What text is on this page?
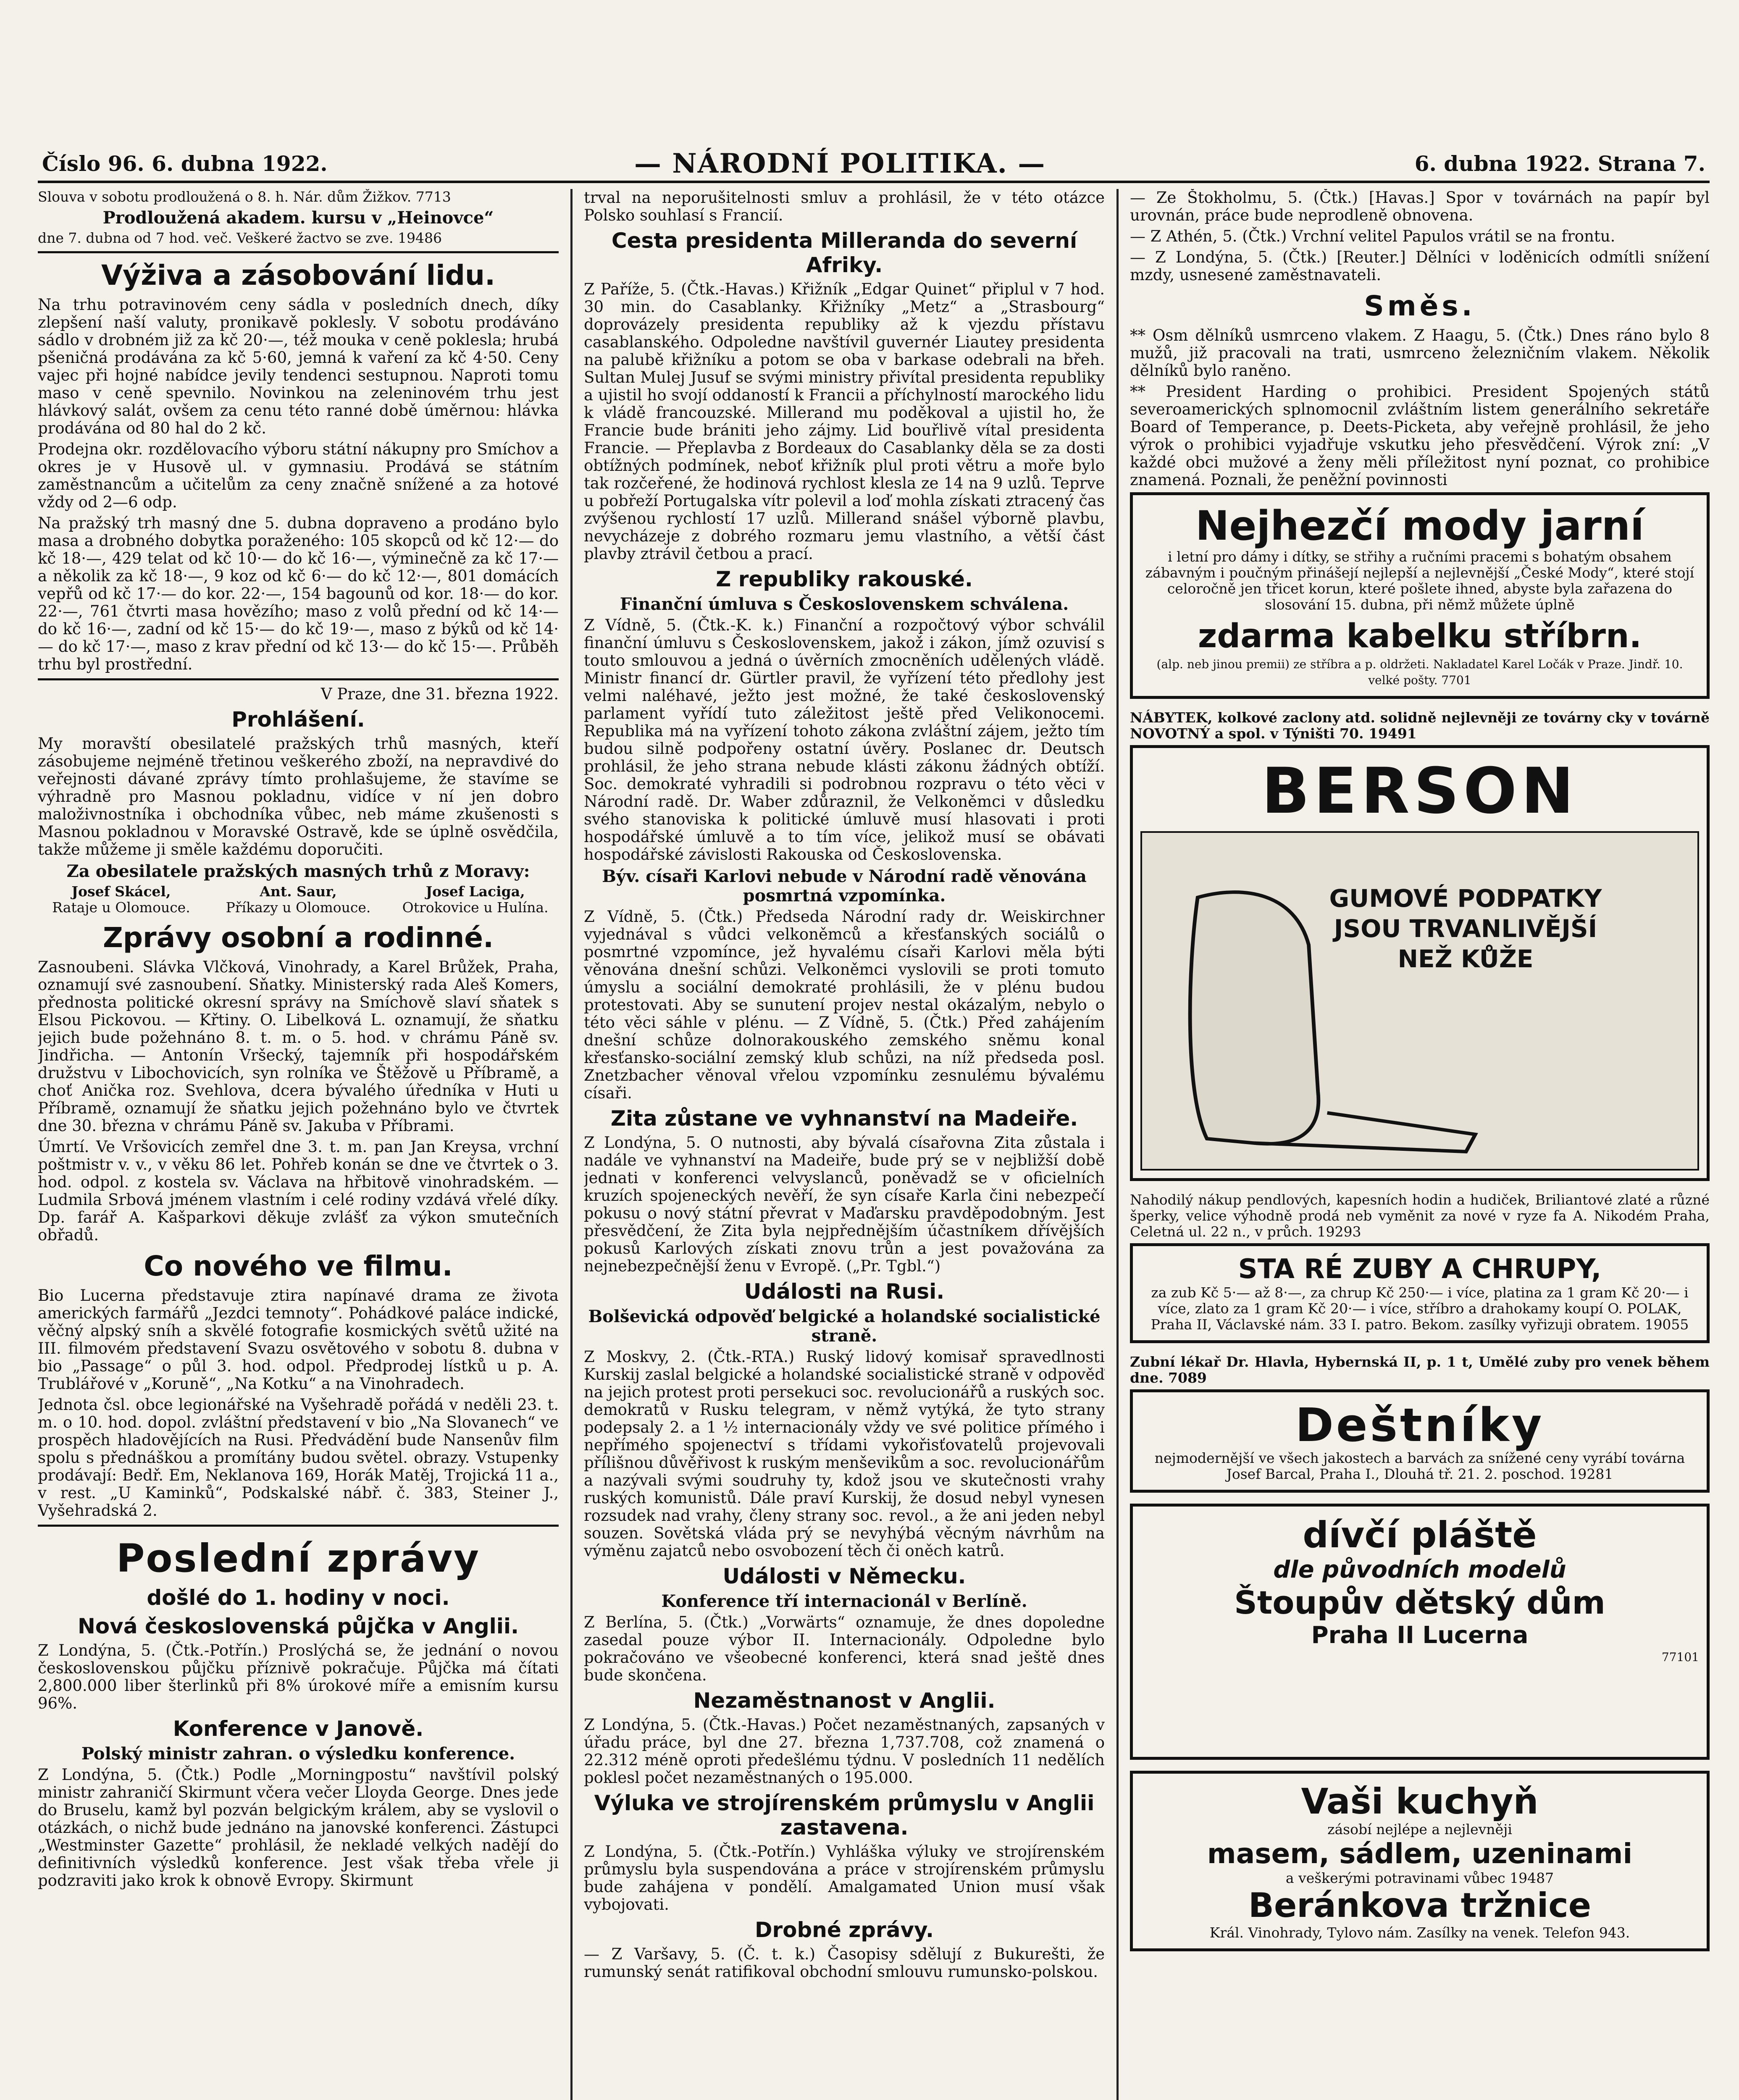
Číslo 96. 6. dubna 1922.	— NÁRODNÍ POLITIKA. —	6. dubna 1922. Strana 7.

Slouva v sobotu prodloužená o 8. h. Nár. dům Žižkov. 7713

Prodloužená akadem. kursu v „Heinovce“

dne 7. dubna od 7 hod. več. Veškeré žactvo se zve. 19486

Výživa a zásobování lidu.

Na trhu potravinovém ceny sádla v posledních dnech, díky zlepšení naší valuty, pronikavě poklesly. V sobotu prodáváno sádlo v drobném již za kč 20·—, též mouka v ceně poklesla; hrubá pšeničná prodávána za kč 5·60, jemná k vaření za kč 4·50. Ceny vajec při hojné nabídce jevily tendenci sestupnou. Naproti tomu maso v ceně spevnilo. Novinkou na zeleninovém trhu jest hlávkový salát, ovšem za cenu této ranné době úměrnou: hlávka prodávána od 80 hal do 2 kč.

Prodejna okr. rozdělovacího výboru státní nákupny pro Smíchov a okres je v Husově ul. v gymnasiu. Prodává se státním zaměstnancům a učitelům za ceny značně snížené a za hotové vždy od 2—6 odp.

Na pražský trh masný dne 5. dubna dopraveno a prodáno bylo masa a drobného dobytka poraženého: 105 skopců od kč 12·— do kč 18·—, 429 telat od kč 10·— do kč 16·—, výminečně za kč 17·— a několik za kč 18·—, 9 koz od kč 6·— do kč 12·—, 801 domácích vepřů od kč 17·— do kor. 22·—, 154 bagounů od kor. 18·— do kor. 22·—, 761 čtvrti masa hovězího; maso z volů přední od kč 14·— do kč 16·—, zadní od kč 15·— do kč 19·—, maso z býků od kč 14·— do kč 17·—, maso z krav přední od kč 13·— do kč 15·—. Průběh trhu byl prostřední.

V Praze, dne 31. března 1922.

Prohlášení.

My moravští obesilatelé pražských trhů masných, kteří zásobujeme nejméně třetinou veškerého zboží, na nepravdivé do veřejnosti dávané zprávy tímto prohlašujeme, že stavíme se výhradně pro Masnou pokladnu, vidíce v ní jen dobro maloživnostníka i obchodníka vůbec, neb máme zkušenosti s Masnou pokladnou v Moravské Ostravě, kde se úplně osvědčila, takže můžeme ji směle každému doporučiti.

Za obesilatele pražských masných trhů z Moravy:

Josef Skácel,
Rataje u Olomouce.
Ant. Saur,
Příkazy u Olomouce.
Josef Laciga,
Otrokovice u Hulína.
Zprávy osobní a rodinné.

Zasnoubeni. Slávka Vlčková, Vinohrady, a Karel Brůžek, Praha, oznamují své zasnoubení. Sňatky. Ministerský rada Aleš Komers, přednosta politické okresní správy na Smíchově slaví sňatek s Elsou Pickovou. — Křtiny. O. Libelková L. oznamují, že sňatku jejich bude požehnáno 8. t. m. o 5. hod. v chrámu Páně sv. Jindřicha. — Antonín Vršecký, tajemník při hospodářském družstvu v Libochovicích, syn rolníka ve Štěžově u Příbramě, a choť Anička roz. Svehlova, dcera bývalého úředníka v Huti u Příbramě, oznamují že sňatku jejich požehnáno bylo ve čtvrtek dne 30. března v chrámu Páně sv. Jakuba v Příbrami.

Úmrtí. Ve Vršovicích zemřel dne 3. t. m. pan Jan Kreysa, vrchní poštmistr v. v., v věku 86 let. Pohřeb konán se dne ve čtvrtek o 3. hod. odpol. z kostela sv. Václava na hřbitově vinohradském. — Ludmila Srbová jménem vlastním i celé rodiny vzdává vřelé díky. Dp. farář A. Kašparkovi děkuje zvlášť za výkon smutečních obřadů.

Co nového ve filmu.

Bio Lucerna představuje ztira napínavé drama ze života amerických farmářů „Jezdci temnoty“. Pohádkové paláce indické, věčný alpský sníh a skvělé fotografie kosmických světů užité na III. filmovém představení Svazu osvětového v sobotu 8. dubna v bio „Passage“ o půl 3. hod. odpol. Předprodej lístků u p. A. Trublářové v „Koruně“, „Na Kotku“ a na Vinohradech.

Jednota čsl. obce legionářské na Vyšehradě pořádá v neděli 23. t. m. o 10. hod. dopol. zvláštní představení v bio „Na Slovanech“ ve prospěch hladovějících na Rusi. Předvádění bude Nansenův film spolu s přednáškou a promítány budou světel. obrazy. Vstupenky prodávají: Bedř. Em, Neklanova 169, Horák Matěj, Trojická 11 a., v rest. „U Kaminků“, Podskalské nábř. č. 383, Steiner J., Vyšehradská 2.

Poslední zprávy
došlé do 1. hodiny v noci.
Nová československá půjčka v Anglii.

Z Londýna, 5. (Čtk.-Potřín.) Proslýchá se, že jednání o novou československou půjčku příznivě pokračuje. Půjčka má čítati 2,800.000 liber šterlinků při 8% úrokové míře a emisním kursu 96%.

Konference v Janově.

Polský ministr zahran. o výsledku konference.

Z Londýna, 5. (Čtk.) Podle „Morningpostu“ navštívil polský ministr zahraničí Skirmunt včera večer Lloyda George. Dnes jede do Bruselu, kamž byl pozván belgickým králem, aby se vyslovil o otázkách, o nichž bude jednáno na janovské konferenci. Zástupci „Westminster Gazette“ prohlásil, že nekladé velkých nadějí do definitivních výsledků konference. Jest však třeba vřele ji podzraviti jako krok k obnově Evropy. Skirmunt

trval na neporušitelnosti smluv a prohlásil, že v této otázce Polsko souhlasí s Francií.

Cesta presidenta Milleranda do severní Afriky.

Z Paříže, 5. (Čtk.-Havas.) Křižník „Edgar Quinet“ připlul v 7 hod. 30 min. do Casablanky. Křižníky „Metz“ a „Strasbourg“ doprovázely presidenta republiky až k vjezdu přístavu casablanského. Odpoledne navštívil guvernér Liautey presidenta na palubě křižníku a potom se oba v barkase odebrali na břeh. Sultan Mulej Jusuf se svými ministry přivítal presidenta republiky a ujistil ho svojí oddaností k Francii a příchylností marockého lidu k vládě francouzské. Millerand mu poděkoval a ujistil ho, že Francie bude brániti jeho zájmy. Lid bouřlivě vítal presidenta Francie. — Přeplavba z Bordeaux do Casablanky děla se za dosti obtížných podmínek, neboť křižník plul proti větru a moře bylo tak rozčeřené, že hodinová rychlost klesla ze 14 na 9 uzlů. Teprve u pobřeží Portugalska vítr polevil a loď mohla získati ztracený čas zvýšenou rychlostí 17 uzlů. Millerand snášel výborně plavbu, nevycházeje z dobrého rozmaru jemu vlastního, a větší část plavby ztrávil četbou a prací.

Z republiky rakouské.

Finanční úmluva s Československem schválena.

Z Vídně, 5. (Čtk.-K. k.) Finanční a rozpočtový výbor schválil finanční úmluvu s Československem, jakož i zákon, jímž ozuvisí s touto smlouvou a jedná o úvěrních zmocněních udělených vládě. Ministr financí dr. Gürtler pravil, že vyřízení této předlohy jest velmi naléhavé, ježto jest možné, že také československý parlament vyřídí tuto záležitost ještě před Velikonocemi. Republika má na vyřízení tohoto zákona zvláštní zájem, ježto tím budou silně podpořeny ostatní úvěry. Poslanec dr. Deutsch prohlásil, že jeho strana nebude klásti zákonu žádných obtíží. Soc. demokraté vyhradili si podrobnou rozpravu o této věci v Národní radě. Dr. Waber zdůraznil, že Velkoněmci v důsledku svého stanoviska k politické úmluvě musí hlasovati i proti hospodářské úmluvě a to tím více, jelikož musí se obávati hospodářské závislosti Rakouska od Československa.

Býv. císaři Karlovi nebude v Národní radě věnována posmrtná vzpomínka.

Z Vídně, 5. (Čtk.) Předseda Národní rady dr. Weiskirchner vyjednával s vůdci velkoněmců a křesťanských sociálů o posmrtné vzpomínce, jež hyvalému císaři Karlovi měla býti věnována dnešní schůzi. Velkoněmci vyslovili se proti tomuto úmyslu a sociální demokraté prohlásili, že v plénu budou protestovati. Aby se sunutení projev nestal okázalým, nebylo o této věci sáhle v plénu. — Z Vídně, 5. (Čtk.) Před zahájením dnešní schůze dolnorakouského zemského sněmu konal křesťansko-sociální zemský klub schůzi, na níž předseda posl. Znetzbacher věnoval vřelou vzpomínku zesnulému bývalému císaři.

Zita zůstane ve vyhnanství na Madeiře.

Z Londýna, 5. O nutnosti, aby bývalá císařovna Zita zůstala i nadále ve vyhnanství na Madeiře, bude prý se v nejbližší době jednati v konferenci velvyslanců, poněvadž se v oficielních kruzích spojeneckých nevěří, že syn císaře Karla čini nebezpečí pokusu o nový státní převrat v Maďarsku pravděpodobným. Jest přesvědčení, že Zita byla nejpřednějším účastníkem dřívějších pokusů Karlových získati znovu trůn a jest považována za nejnebezpečnější ženu v Evropě. („Pr. Tgbl.“)

Události na Rusi.

Bolševická odpověď belgické a holandské socialistické straně.

Z Moskvy, 2. (Čtk.-RTA.) Ruský lidový komisař spravedlnosti Kurskij zaslal belgické a holandské socialistické straně v odpověď na jejich protest proti persekuci soc. revolucionářů a ruských soc. demokratů v Rusku telegram, v němž vytýká, že tyto strany podepsaly 2. a 1 ½ internacionály vždy ve své politice přímého i nepřímého spojenectví s třídami vykořisťovatelů projevovali přílišnou důvěřivost k ruským menševikům a soc. revolucionářům a nazývali svými soudruhy ty, kdož jsou ve skutečnosti vrahy ruských komunistů. Dále praví Kurskij, že dosud nebyl vynesen rozsudek nad vrahy, členy strany soc. revol., a že ani jeden nebyl souzen. Sovětská vláda prý se nevyhýbá věcným návrhům na výměnu zajatců nebo osvobození těch či oněch katrů.

Události v Německu.

Konference tří internacionál v Berlíně.

Z Berlína, 5. (Čtk.) „Vorwärts“ oznamuje, že dnes dopoledne zasedal pouze výbor II. Internacionály. Odpoledne bylo pokračováno ve všeobecné konferenci, která snad ještě dnes bude skončena.

Nezaměstnanost v Anglii.

Z Londýna, 5. (Čtk.-Havas.) Počet nezaměstnaných, zapsaných v úřadu práce, byl dne 27. března 1,737.708, což znamená o 22.312 méně oproti předešlému týdnu. V posledních 11 nedělích poklesl počet nezaměstnaných o 195.000.

Výluka ve strojírenském průmyslu v Anglii zastavena.

Z Londýna, 5. (Čtk.-Potřín.) Vyhláška výluky ve strojírenském průmyslu byla suspendována a práce v strojírenském průmyslu bude zahájena v pondělí. Amalgamated Union musí však vybojovati.

Drobné zprávy.

— Z Varšavy, 5. (Č. t. k.) Časopisy sdělují z Bukurešti, že rumunský senát ratifikoval obchodní smlouvu rumunsko-polskou.

— Ze Štokholmu, 5. (Čtk.) [Havas.] Spor v továrnách na papír byl urovnán, práce bude neprodleně obnovena.

— Z Athén, 5. (Čtk.) Vrchní velitel Papulos vrátil se na frontu.

— Z Londýna, 5. (Čtk.) [Reuter.] Dělníci v loděnicích odmítli snížení mzdy, usnesené zaměstnavateli.

Směs.

** Osm dělníků usmrceno vlakem. Z Haagu, 5. (Čtk.) Dnes ráno bylo 8 mužů, již pracovali na trati, usmrceno železničním vlakem. Několik dělníků bylo raněno.

** President Harding o prohibici. President Spojených států severoamerických splnomocnil zvláštním listem generálního sekretáře Board of Temperance, p. Deets-Picketa, aby veřejně prohlásil, že jeho výrok o prohibici vyjadřuje vskutku jeho přesvědčení. Výrok zní: „V každé obci mužové a ženy měli příležitost nyní poznat, co prohibice znamená. Poznali, že peněžní povinnosti

Nejhezčí mody jarní
i letní pro dámy i dítky, se střihy a ručními pracemi s bohatým obsahem zábavným i poučným přinášejí nejlepší a nejlevnější „České Mody“, které stojí celoročně jen třicet korun, které pošlete ihned, abyste byla zařazena do slosování 15. dubna, při němž můžete úplně
zdarma kabelku stříbrn.
(alp. neb jinou premii) ze stříbra a p. oldržeti. Nakladatel Karel Ločák v Praze. Jindř. 10. velké pošty. 7701

NÁBYTEK, kolkové zaclony atd. solidně nejlevněji ze továrny cky v továrně NOVOTNÝ a spol. v Týništi 70. 19491

BERSON
GUMOVÉ PODPATKY JSOU TRVANLIVĚJŠÍ NEŽ KŮŽE

Nahodilý nákup pendlových, kapesních hodin a hudiček, Briliantové zlaté a různé šperky, velice výhodně prodá neb vyměnit za nové v ryze fa A. Nikodém Praha, Celetná ul. 22 n., v průch. 19293

STA RÉ ZUBY A CHRUPY,
za zub Kč 5·— až 8·—, za chrup Kč 250·— i více, platina za 1 gram Kč 20·— i více, zlato za 1 gram Kč 20·— i více, stříbro a drahokamy koupí O. POLAK, Praha II, Václavské nám. 33 I. patro. Bekom. zasílky vyřizuji obratem. 19055

Zubní lékař Dr. Hlavla, Hybernská II, p. 1 t, Umělé zuby pro venek během dne. 7089

Deštníky
nejmodernější ve všech jakostech a barvách za snížené ceny vyrábí továrna Josef Barcal, Praha I., Dlouhá tř. 21. 2. poschod. 19281
dívčí pláště
dle původních modelů
Štoupův dětský dům
Praha II Lucerna
77101
Vaši kuchyň
zásobí nejlépe a nejlevněji
masem, sádlem, uzeninami
a veškerými potravinami vůbec 19487
Beránkova tržnice
Král. Vinohrady, Tylovo nám. Zasílky na venek. Telefon 943.
